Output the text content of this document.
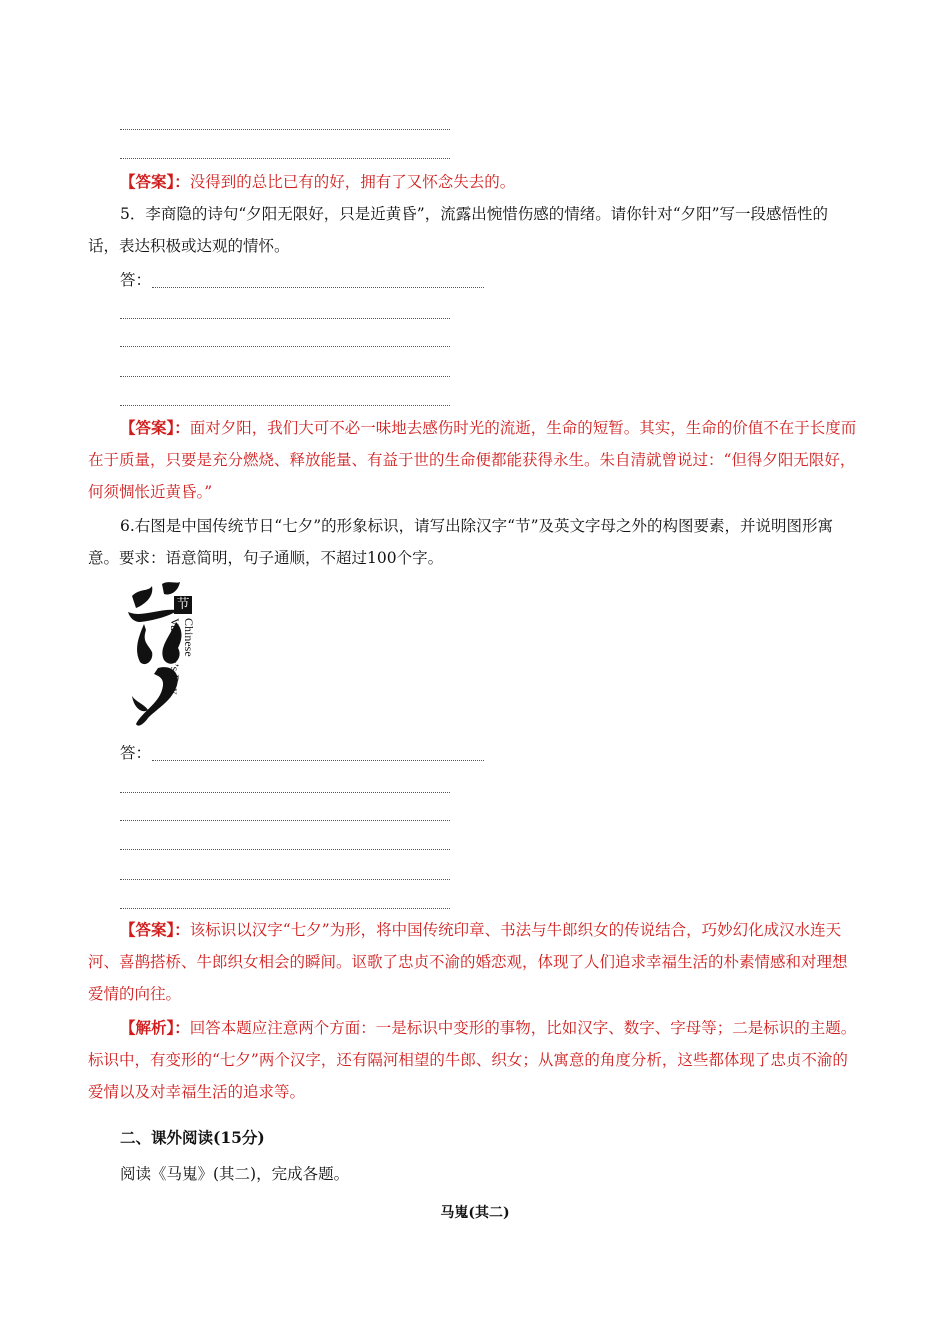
【答案】：没得到的总比已有的好，拥有了又怀念失去的。
5．李商隐的诗句“夕阳无限好，只是近黄昏”，流露出惋惜伤感的情绪。请你针对“夕阳”写一段感悟性的话，表达积极或达观的情怀。
答：
【答案】：面对夕阳，我们大可不必一味地去感伤时光的流逝，生命的短暂。其实，生命的价值不在于长度而在于质量，只要是充分燃烧、释放能量、有益于世的生命便都能获得永生。朱自清就曾说过：“但得夕阳无限好，何须惆怅近黄昏。”
6.右图是中国传统节日“七夕”的形象标识，请写出除汉字“节”及英文字母之外的构图要素，并说明图形寓意。要求：语意简明，句子通顺，不超过100个字。
节
Chinese
Valentine’s Day
答：
【答案】：该标识以汉字“七夕”为形，将中国传统印章、书法与牛郎织女的传说结合，巧妙幻化成汉水连天河、喜鹊搭桥、牛郎织女相会的瞬间。讴歌了忠贞不渝的婚恋观，体现了人们追求幸福生活的朴素情感和对理想爱情的向往。
【解析】：回答本题应注意两个方面：一是标识中变形的事物，比如汉字、数字、字母等；二是标识的主题。标识中，有变形的“七夕”两个汉字，还有隔河相望的牛郎、织女；从寓意的角度分析，这些都体现了忠贞不渝的爱情以及对幸福生活的追求等。
二、课外阅读(15分)
阅读《马嵬》(其二)，完成各题。
马嵬(其二)
